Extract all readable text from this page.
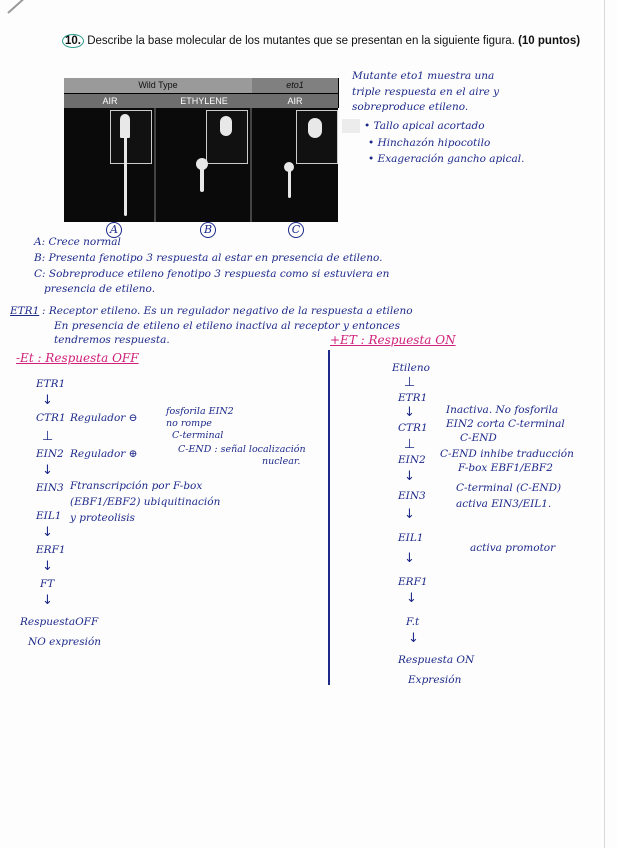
10. Describe la base molecular de los mutantes que se presentan en la siguiente figura. (10 puntos)
Wild Type	eto1
AIR	ETHYLENE	AIR
A	B	C
Mutante eto1 muestra una
triple respuesta en el aire y
sobreproduce etileno.
• Tallo apical acortado
• Hinchazón hipocotilo
• Exageración gancho apical.
A: Crece normal
B: Presenta fenotipo 3 respuesta al estar en presencia de etileno.
C: Sobreproduce etileno fenotipo 3 respuesta como si estuviera en
presencia de etileno.
ETR1 : Receptor etileno. Es un regulador negativo de la respuesta a etileno
En presencia de etileno el etileno inactiva al receptor y entonces
tendremos respuesta.
-Et : Respuesta OFF
ETR1
↓
CTR1 Regulador ⊖
fosforila EIN2
no rompe
C-terminal
⊥
C-END : señal localización
nuclear.
EIN2 Regulador ⊕
↓
EIN3 Ftranscripción por F-box
(EBF1/EBF2) ubiquitinación
y proteolisis
EIL1
↓
ERF1
↓
FT
↓
RespuestaOFF
NO expresión
+ET : Respuesta ON
Etileno
⊥
ETR1
↓
CTR1
Inactiva. No fosforila
EIN2 corta C-terminal
C-END
⊥
EIN2 C-END inhibe traducción
F-box EBF1/EBF2
↓
EIN3
C-terminal (C-END)
activa EIN3/EIL1.
↓
EIL1
activa promotor
↓
ERF1
↓
F.t
↓
Respuesta ON
Expresión
